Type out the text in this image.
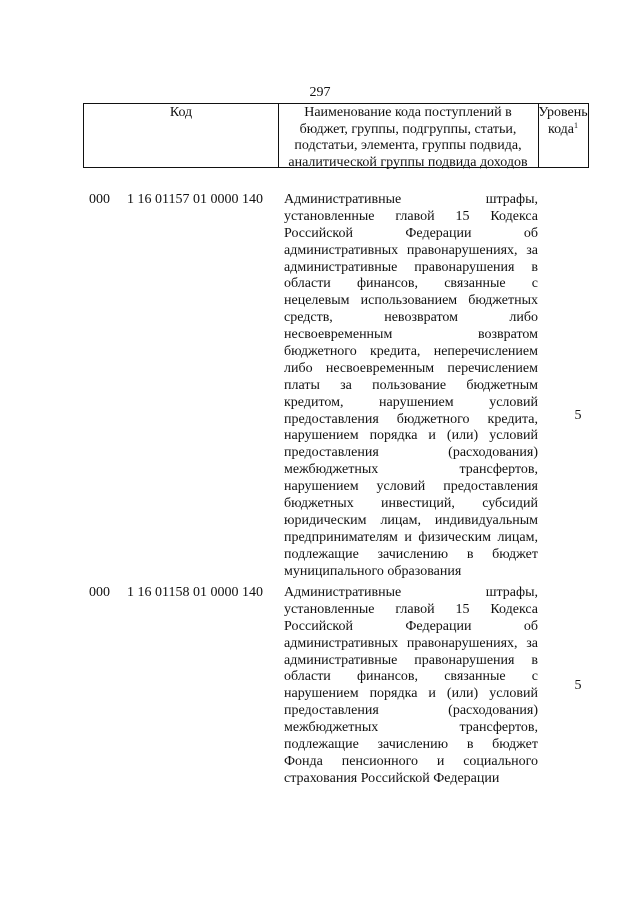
297
Код	Наименование кода поступлений в
бюджет, группы, подгруппы, статьи,
подстатьи, элемента, группы подвида,
аналитической группы подвида доходов
Уровень
кода$^1$
000 1 16 01157 01 0000 140 Административные штрафы,
установленные главой 15 Кодекса
Российской Федерации об
административных правонарушениях, за
административные правонарушения в
области финансов, связанные с
нецелевым использованием бюджетных
средств, невозвратом либо
несвоевременным возвратом
бюджетного кредита, неперечислением
либо несвоевременным перечислением
платы за пользование бюджетным
кредитом, нарушением условий
предоставления бюджетного кредита,
нарушением порядка и (или) условий
предоставления (расходования)
межбюджетных трансфертов,
нарушением условий предоставления
бюджетных инвестиций, субсидий
юридическим лицам, индивидуальным
предпринимателям и физическим лицам,
подлежащие зачислению в бюджет
муниципального образования
5
000 1 16 01158 01 0000 140 Административные штрафы,
установленные главой 15 Кодекса
Российской Федерации об
административных правонарушениях, за
административные правонарушения в
области финансов, связанные с
нарушением порядка и (или) условий
предоставления (расходования)
межбюджетных трансфертов,
подлежащие зачислению в бюджет
Фонда пенсионного и социального
страхования Российской Федерации
5
